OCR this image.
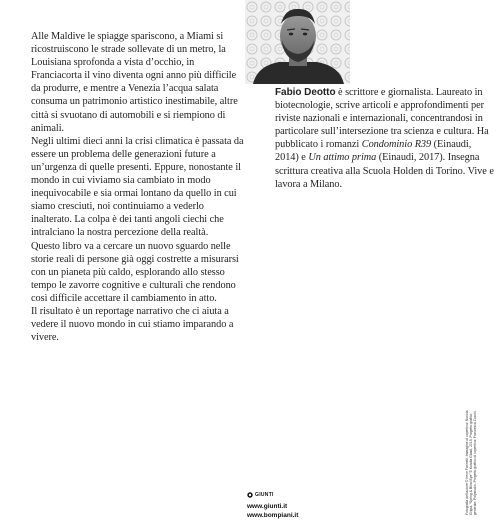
Alle Maldive le spiagge spariscono, a Miami si ricostruiscono le strade sollevate di un metro, la Louisiana sprofonda a vista d’occhio, in Franciacorta il vino diventa ogni anno più difficile da produrre, e mentre a Venezia l’acqua salata consuma un patrimonio artistico inestimabile, altre città si svuotano di automobili e si riempiono di animali.

Negli ultimi dieci anni la crisi climatica è passata da essere un problema delle generazioni future a un’urgenza di quelle presenti. Eppure, nonostante il mondo in cui viviamo sia cambiato in modo inequivocabile e sia ormai lontano da quello in cui siamo cresciuti, noi continuiamo a vederlo inalterato. La colpa è dei tanti angoli ciechi che intralciano la nostra percezione della realtà.

Questo libro va a cercare un nuovo sguardo nelle storie reali di persone già oggi costrette a misurarsi con un pianeta più caldo, esplorando allo stesso tempo le zavorre cognitive e culturali che rendono così difficile accettare il cambiamento in atto.

Il risultato è un reportage narrativo che ci aiuta a vedere il nuovo mondo in cui stiamo imparando a vivere.

Fabio Deotto è scrittore e giornalista. Laureato in biotecnologie, scrive articoli e approfondimenti per riviste nazionali e internazionali, concentrandosi in particolare sull’intersezione tra scienza e cultura. Ha pubblicato i romanzi Condominio R39 (Einaudi, 2014) e Un attimo prima (Einaudi, 2017). Insegna scrittura creativa alla Scuola Holden di Torino. Vive e lavora a Milano.
Fotografia dell’autore © Irene Farinelli. Immagine di copertina: Nuvola Grigia, “Spring & Blind Eye” © Kotalla Gbadi, 2019. Progetto grafico generale: Polystudio. Progetto grafico di copertina: Francesca Zucchi.
GIUNTI
www.giunti.it
www.bompiani.it
